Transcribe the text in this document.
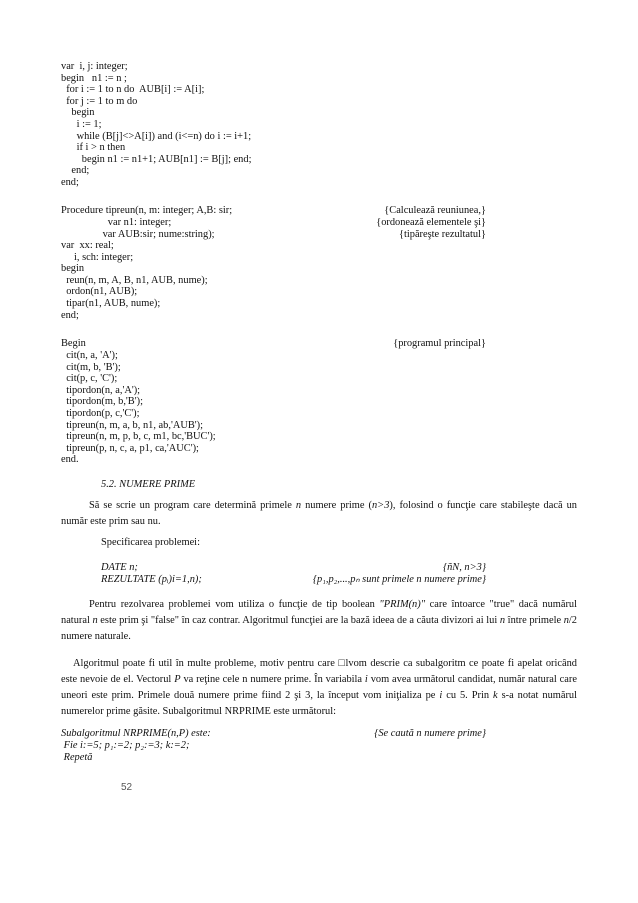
var  i, j: integer;
begin   n1 := n ;
for i := 1 to n do  AUB[i] := A[i];
for j := 1 to m do
begin
i := 1;
while (B[j]<>A[i]) and (i<=n) do i := i+1;
if i > n then
begin n1 := n1+1; AUB[n1] := B[j]; end;
end;
end;
Procedure tipreun(n, m: integer; A,B: sir;	{Calculează reuniunea,}
var n1: integer;	{ordonează elementele şi}
var AUB:sir; nume:string);	{tipăreşte rezultatul}
var  xx: real;
i, sch: integer;
begin
reun(n, m, A, B, n1, AUB, nume);
ordon(n1, AUB);
tipar(n1, AUB, nume);
end;
Begin	{programul principal}
cit(n, a, 'A');
cit(m, b, 'B');
cit(p, c, 'C');
tipordon(n, a,'A');
tipordon(m, b,'B');
tipordon(p, c,'C');
tipreun(n, m, a, b, n1, ab,'AUB');
tipreun(n, m, p, b, c, m1, bc,'BUC');
tipreun(p, n, c, a, p1, ca,'AUC');
end.
5.2. NUMERE PRIME
Să se scrie un program care determină primele n numere prime (n>3), folosind o funcţie care stabileşte dacă un număr este prim sau nu.
Specificarea problemei:
DATE n;	{ñN, n>3}
REZULTATE (pᵢ)i=1,n);	{p₁,p₂,...,pₙ sunt primele n numere prime}
Pentru rezolvarea problemei vom utiliza o funcţie de tip boolean "PRIM(n)" care întoarce "true" dacă numărul natural n este prim şi "false" în caz contrar. Algoritmul funcţiei are la bază ideea de a căuta divizori ai lui n între primele n/2 numere naturale.
Algoritmul poate fi util în multe probleme, motiv pentru care □lvom descrie ca subalgoritm ce poate fi apelat oricând este nevoie de el. Vectorul P va reţine cele n numere prime. În variabila i vom avea următorul candidat, număr natural care uneori este prim. Primele două numere prime fiind 2 şi 3, la început vom iniţializa pe i cu 5. Prin k s-a notat numărul numerelor prime găsite. Subalgoritmul NRPRIME este următorul:
Subalgoritmul NRPRIME(n,P) este:	{Se caută n numere prime}
Fie i:=5; p₁:=2; p₂:=3; k:=2;
Repetă
52
